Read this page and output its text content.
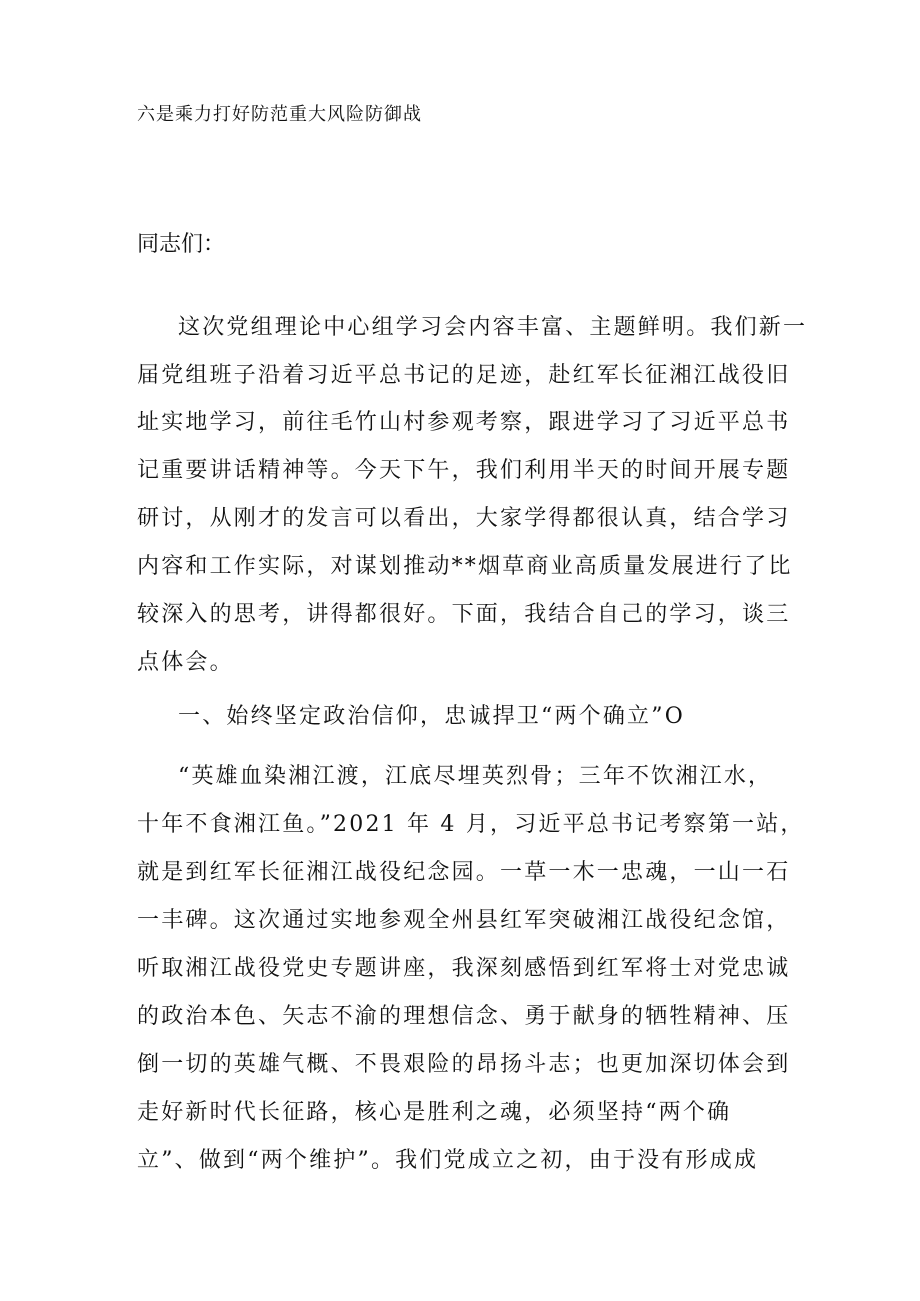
六是乘力打好防范重大风险防御战
同志们：
这次党组理论中心组学习会内容丰富、主题鲜明。我们新一
届党组班子沿着习近平总书记的足迹，赴红军长征湘江战役旧
址实地学习，前往毛竹山村参观考察，跟进学习了习近平总书
记重要讲话精神等。今天下午，我们利用半天的时间开展专题
研讨，从刚才的发言可以看出，大家学得都很认真，结合学习
内容和工作实际，对谋划推动**烟草商业高质量发展进行了比
较深入的思考，讲得都很好。下面，我结合自己的学习，谈三
点体会。
一、始终坚定政治信仰，忠诚捍卫“两个确立”O
“英雄血染湘江渡，江底尽埋英烈骨；三年不饮湘江水，
十年不食湘江鱼。”2021 年 4 月，习近平总书记考察第一站，
就是到红军长征湘江战役纪念园。一草一木一忠魂，一山一石
一丰碑。这次通过实地参观全州县红军突破湘江战役纪念馆，
听取湘江战役党史专题讲座，我深刻感悟到红军将士对党忠诚
的政治本色、矢志不渝的理想信念、勇于献身的牺牲精神、压
倒一切的英雄气概、不畏艰险的昂扬斗志；也更加深切体会到
走好新时代长征路，核心是胜利之魂，必须坚持“两个确
立”、做到“两个维护”。我们党成立之初，由于没有形成成
